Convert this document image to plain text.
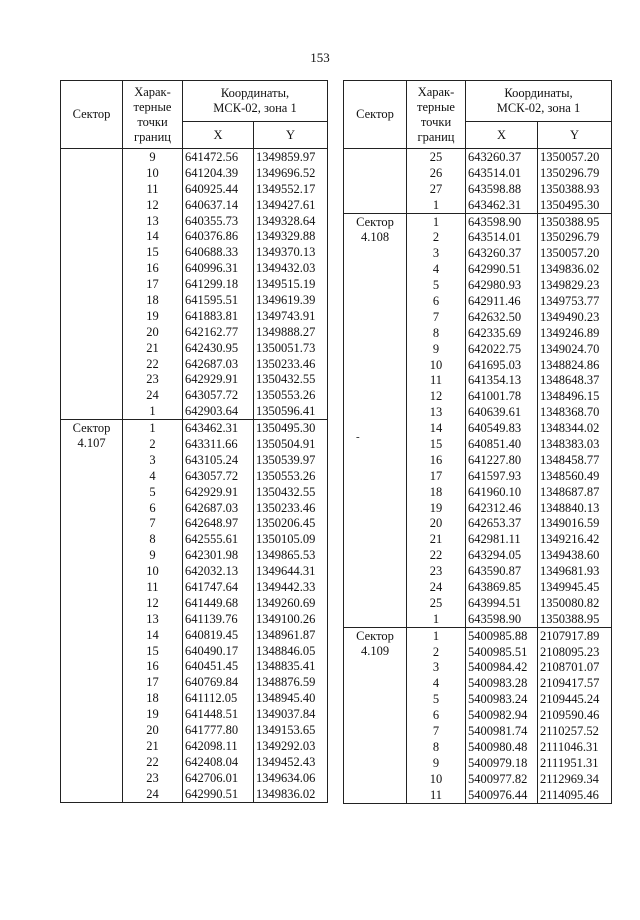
153
Сектор	Харак-
терные
точки
границ	Координаты,
МСК-02, зона 1	
		X	Y
	9	641472.56	1349859.97
	10	641204.39	1349696.52
	11	640925.44	1349552.17
	12	640637.14	1349427.61
	13	640355.73	1349328.64
	14	640376.86	1349329.88
	15	640688.33	1349370.13
	16	640996.31	1349432.03
	17	641299.18	1349515.19
	18	641595.51	1349619.39
	19	641883.81	1349743.91
	20	642162.77	1349888.27
	21	642430.95	1350051.73
	22	642687.03	1350233.46
	23	642929.91	1350432.55
	24	643057.72	1350553.26
	1	642903.64	1350596.41
Сектор 4.107	1	643462.31	1350495.30
	2	643311.66	1350504.91
	3	643105.24	1350539.97
	4	643057.72	1350553.26
	5	642929.91	1350432.55
	6	642687.03	1350233.46
	7	642648.97	1350206.45
	8	642555.61	1350105.09
	9	642301.98	1349865.53
	10	642032.13	1349644.31
	11	641747.64	1349442.33
	12	641449.68	1349260.69
	13	641139.76	1349100.26
	14	640819.45	1348961.87
	15	640490.17	1348846.05
	16	640451.45	1348835.41
	17	640769.84	1348876.59
	18	641112.05	1348945.40
	19	641448.51	1349037.84
	20	641777.80	1349153.65
	21	642098.11	1349292.03
	22	642408.04	1349452.43
	23	642706.01	1349634.06
	24	642990.51	1349836.02
Сектор	Харак-
терные
точки
границ	Координаты,
МСК-02, зона 1	
		X	Y
	25	643260.37	1350057.20
	26	643514.01	1350296.79
	27	643598.88	1350388.93
	1	643462.31	1350495.30
Сектор 4.108	1	643598.90	1350388.95
	2	643514.01	1350296.79
	3	643260.37	1350057.20
	4	642990.51	1349836.02
	5	642980.93	1349829.23
	6	642911.46	1349753.77
	7	642632.50	1349490.23
	8	642335.69	1349246.89
	9	642022.75	1349024.70
	10	641695.03	1348824.86
	11	641354.13	1348648.37
	12	641001.78	1348496.15
	13	640639.61	1348368.70
	14	640549.83	1348344.02
	15	640851.40	1348383.03
	16	641227.80	1348458.77
	17	641597.93	1348560.49
	18	641960.10	1348687.87
	19	642312.46	1348840.13
	20	642653.37	1349016.59
	21	642981.11	1349216.42
	22	643294.05	1349438.60
	23	643590.87	1349681.93
	24	643869.85	1349945.45
	25	643994.51	1350080.82
	1	643598.90	1350388.95
Сектор 4.109	1	5400985.88	2107917.89
	2	5400985.51	2108095.23
	3	5400984.42	2108701.07
	4	5400983.28	2109417.57
	5	5400983.24	2109445.24
	6	5400982.94	2109590.46
	7	5400981.74	2110257.52
	8	5400980.48	2111046.31
	9	5400979.18	2111951.31
	10	5400977.82	2112969.34
	11	5400976.44	2114095.46
-
